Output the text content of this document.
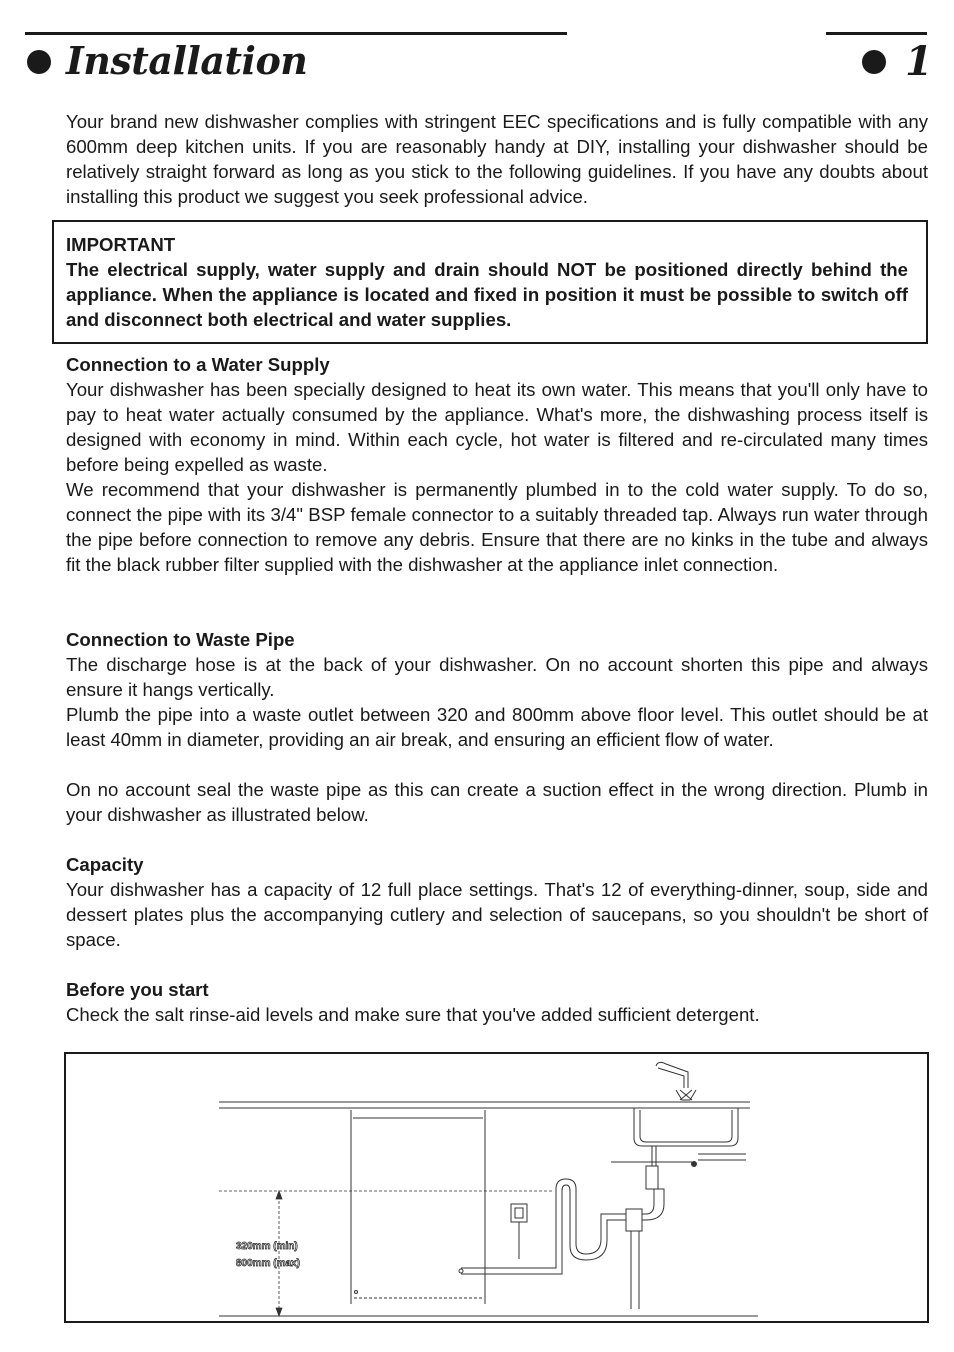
Installation	1

Your brand new dishwasher complies with stringent EEC specifications and is fully compatible with any 600mm deep kitchen units. If you are reasonably handy at DIY, installing your dishwasher should be relatively straight forward as long as you stick to the following guidelines. If you have any doubts about installing this product we suggest you seek professional advice.

IMPORTANT

The electrical supply, water supply and drain should NOT be positioned directly behind the appliance. When the appliance is located and fixed in position it must be possible to switch off and disconnect both electrical and water supplies.

Connection to a Water Supply

Your dishwasher has been specially designed to heat its own water. This means that you'll only have to pay to heat water actually consumed by the appliance. What's more, the dishwashing process itself is designed with economy in mind. Within each cycle, hot water is filtered and re-circulated many times before being expelled as waste.

We recommend that your dishwasher is permanently plumbed in to the cold water supply. To do so, connect the pipe with its 3/4" BSP female connector to a suitably threaded tap. Always run water through the pipe before connection to remove any debris. Ensure that there are no kinks in the tube and always fit the black rubber filter supplied with the dishwasher at the appliance inlet connection.

Connection to Waste Pipe

The discharge hose is at the back of your dishwasher. On no account shorten this pipe and always ensure it hangs vertically.

Plumb the pipe into a waste outlet between 320 and 800mm above floor level. This outlet should be at least 40mm in diameter, providing an air break, and ensuring an efficient flow of water.

On no account seal the waste pipe as this can create a suction effect in the wrong direction. Plumb in your dishwasher as illustrated below.

Capacity

Your dishwasher has a capacity of 12 full place settings. That's 12 of everything-dinner, soup, side and dessert plates plus the accompanying cutlery and selection of saucepans, so you shouldn't be short of space.

Before you start

Check the salt rinse-aid levels and make sure that you've added sufficient detergent.

320mm (min)
800mm (max)
